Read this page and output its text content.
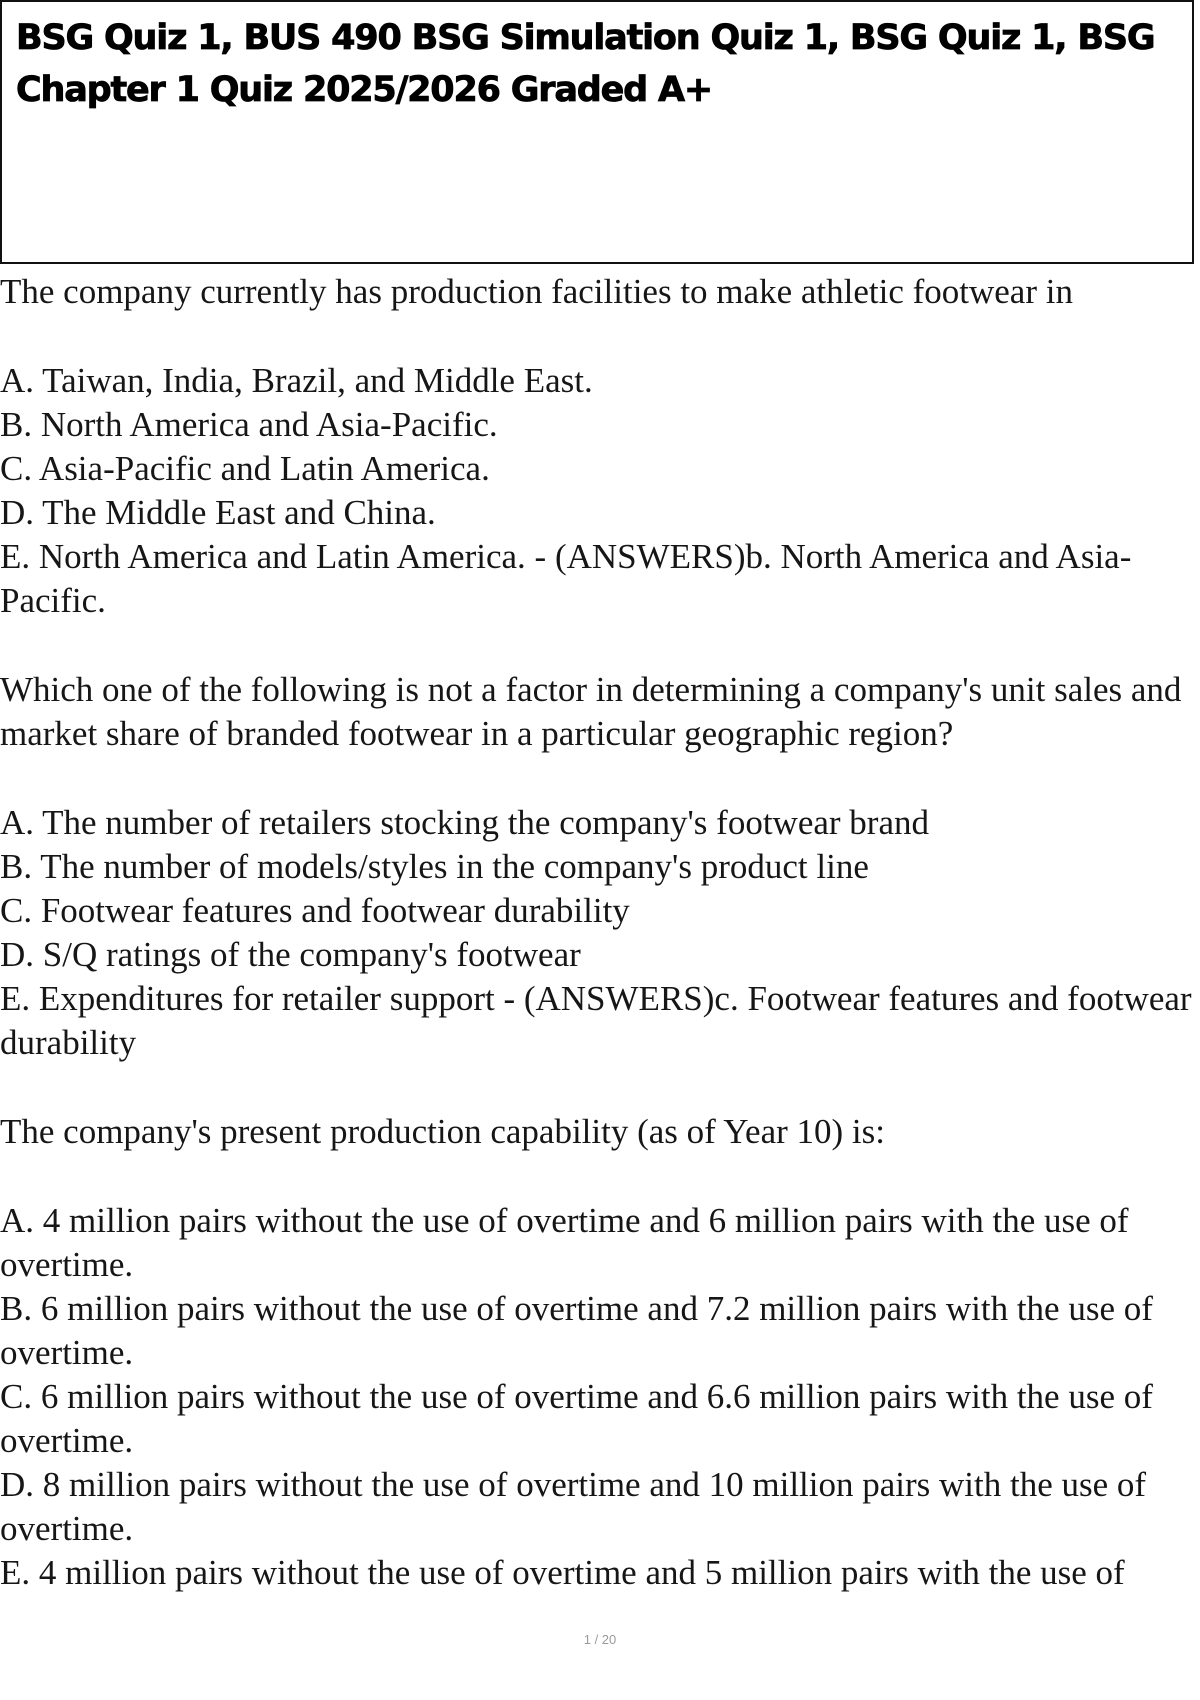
BSG Quiz 1, BUS 490 BSG Simulation Quiz 1, BSG Quiz 1, BSG Chapter 1 Quiz 2025/2026 Graded A+

The company currently has production facilities to make athletic footwear in

A. Taiwan, India, Brazil, and Middle East.

B. North America and Asia-Pacific.

C. Asia-Pacific and Latin America.

D. The Middle East and China.

E. North America and Latin America. - (ANSWERS)b. North America and Asia-Pacific.

Which one of the following is not a factor in determining a company's unit sales and market share of branded footwear in a particular geographic region?

A. The number of retailers stocking the company's footwear brand

B. The number of models/styles in the company's product line

C. Footwear features and footwear durability

D. S/Q ratings of the company's footwear

E. Expenditures for retailer support - (ANSWERS)c. Footwear features and footwear durability

The company's present production capability (as of Year 10) is:

A. 4 million pairs without the use of overtime and 6 million pairs with the use of overtime.

B. 6 million pairs without the use of overtime and 7.2 million pairs with the use of overtime.

C. 6 million pairs without the use of overtime and 6.6 million pairs with the use of overtime.

D. 8 million pairs without the use of overtime and 10 million pairs with the use of overtime.

E. 4 million pairs without the use of overtime and 5 million pairs with the use of

1 / 20
